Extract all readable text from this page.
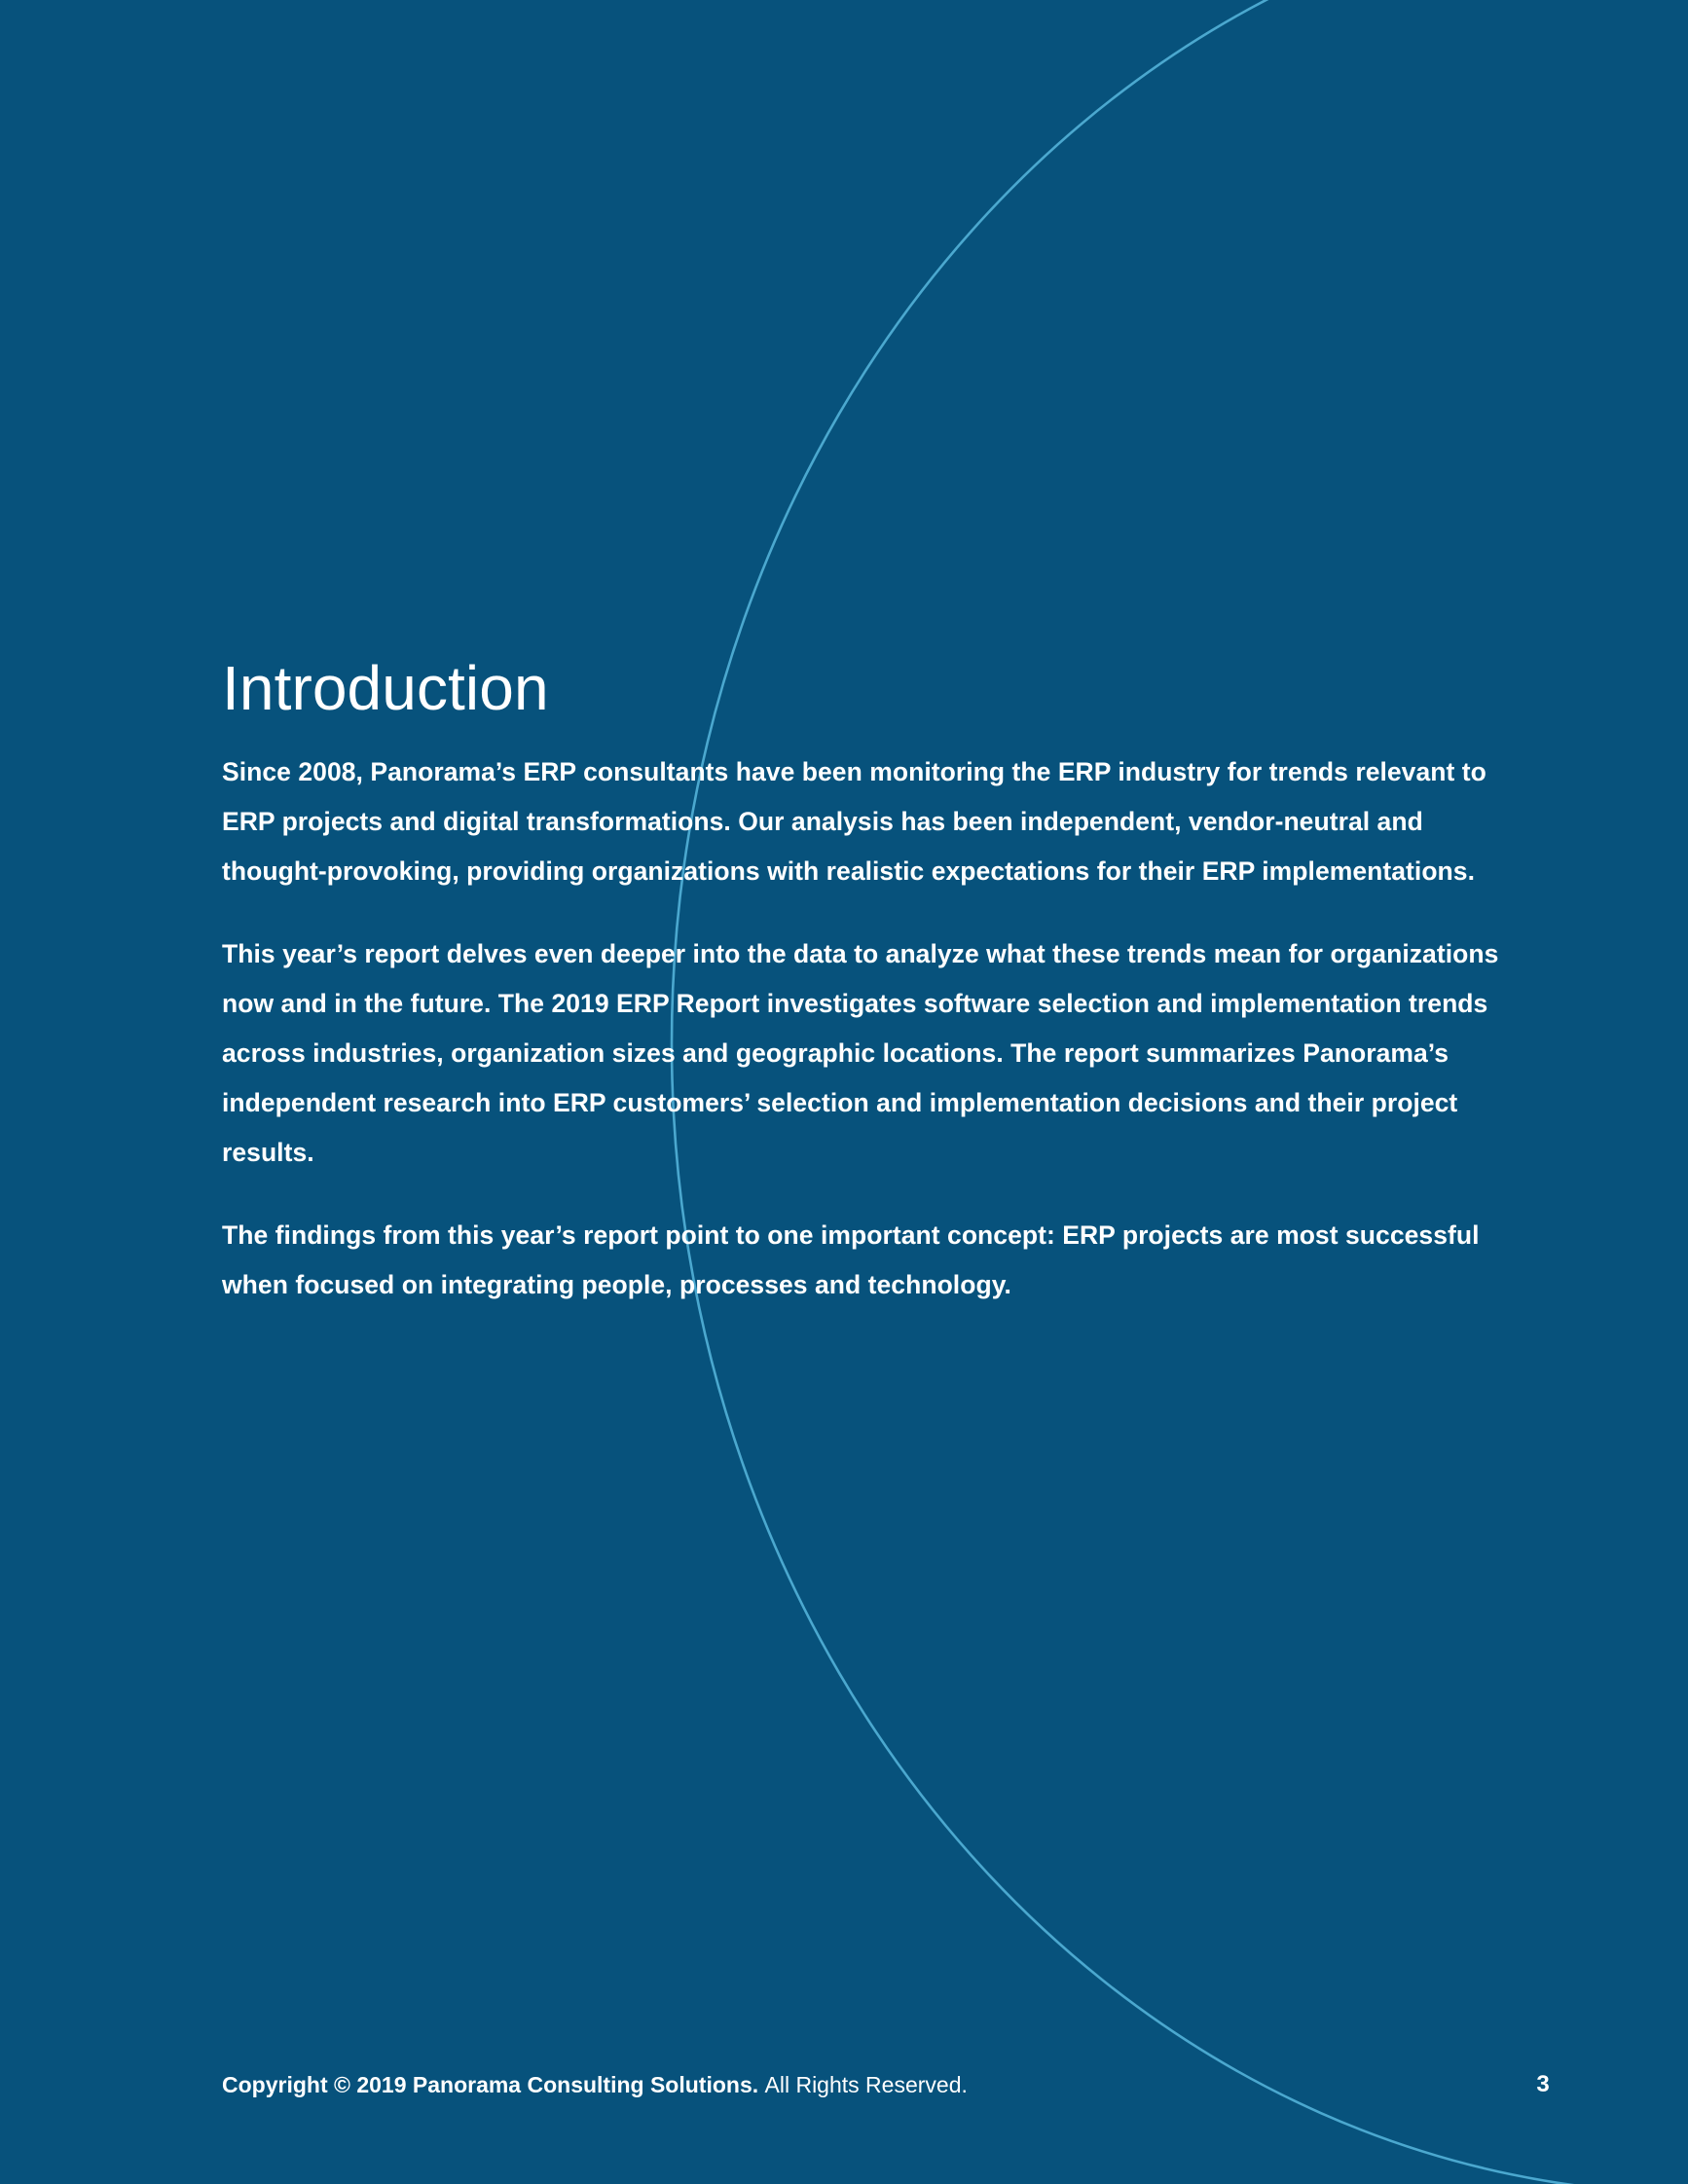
Introduction

Since 2008, Panorama’s ERP consultants have been monitoring the ERP industry for trends relevant to ERP projects and digital transformations. Our analysis has been independent, vendor-neutral and thought-provoking, providing organizations with realistic expectations for their ERP implementations.

This year’s report delves even deeper into the data to analyze what these trends mean for organizations now and in the future. The 2019 ERP Report investigates software selection and implementation trends across industries, organization sizes and geographic locations. The report summarizes Panorama’s independent research into ERP customers’ selection and implementation decisions and their project results.

The findings from this year’s report point to one important concept: ERP projects are most successful when focused on integrating people, processes and technology.

Copyright © 2019 Panorama Consulting Solutions. All Rights Reserved.	3
